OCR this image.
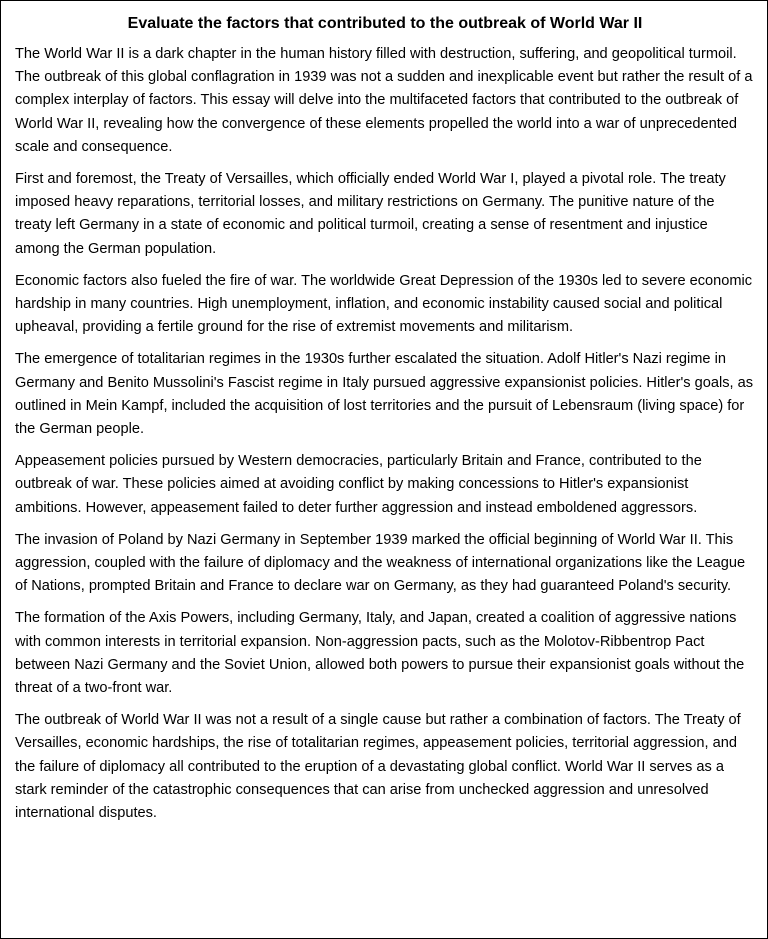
Evaluate the factors that contributed to the outbreak of World War II

The World War II is a dark chapter in the human history filled with destruction, suffering, and geopolitical turmoil. The outbreak of this global conflagration in 1939 was not a sudden and inexplicable event but rather the result of a complex interplay of factors. This essay will delve into the multifaceted factors that contributed to the outbreak of World War II, revealing how the convergence of these elements propelled the world into a war of unprecedented scale and consequence.

First and foremost, the Treaty of Versailles, which officially ended World War I, played a pivotal role. The treaty imposed heavy reparations, territorial losses, and military restrictions on Germany. The punitive nature of the treaty left Germany in a state of economic and political turmoil, creating a sense of resentment and injustice among the German population.

Economic factors also fueled the fire of war. The worldwide Great Depression of the 1930s led to severe economic hardship in many countries. High unemployment, inflation, and economic instability caused social and political upheaval, providing a fertile ground for the rise of extremist movements and militarism.

The emergence of totalitarian regimes in the 1930s further escalated the situation. Adolf Hitler's Nazi regime in Germany and Benito Mussolini's Fascist regime in Italy pursued aggressive expansionist policies. Hitler's goals, as outlined in Mein Kampf, included the acquisition of lost territories and the pursuit of Lebensraum (living space) for the German people.

Appeasement policies pursued by Western democracies, particularly Britain and France, contributed to the outbreak of war. These policies aimed at avoiding conflict by making concessions to Hitler's expansionist ambitions. However, appeasement failed to deter further aggression and instead emboldened aggressors.

The invasion of Poland by Nazi Germany in September 1939 marked the official beginning of World War II. This aggression, coupled with the failure of diplomacy and the weakness of international organizations like the League of Nations, prompted Britain and France to declare war on Germany, as they had guaranteed Poland's security.

The formation of the Axis Powers, including Germany, Italy, and Japan, created a coalition of aggressive nations with common interests in territorial expansion. Non-aggression pacts, such as the Molotov-Ribbentrop Pact between Nazi Germany and the Soviet Union, allowed both powers to pursue their expansionist goals without the threat of a two-front war.

The outbreak of World War II was not a result of a single cause but rather a combination of factors. The Treaty of Versailles, economic hardships, the rise of totalitarian regimes, appeasement policies, territorial aggression, and the failure of diplomacy all contributed to the eruption of a devastating global conflict. World War II serves as a stark reminder of the catastrophic consequences that can arise from unchecked aggression and unresolved international disputes.
